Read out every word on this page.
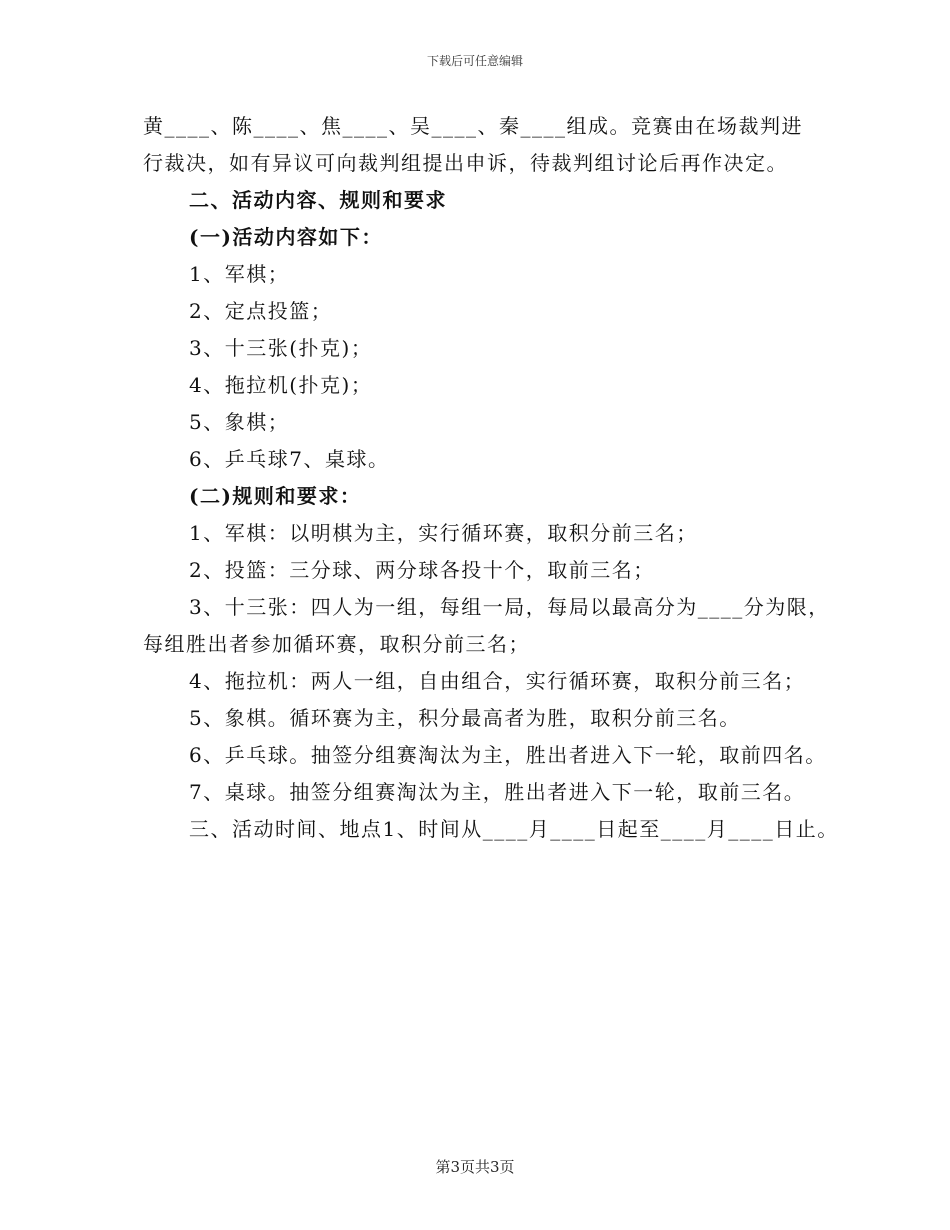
下载后可任意编辑
黄____、陈____、焦____、吴____、秦____组成。竞赛由在场裁判进
行裁决，如有异议可向裁判组提出申诉，待裁判组讨论后再作决定。
二、活动内容、规则和要求
(一)活动内容如下：
1、军棋；
2、定点投篮；
3、十三张(扑克)；
4、拖拉机(扑克)；
5、象棋；
6、乒乓球7、桌球。
(二)规则和要求：
1、军棋：以明棋为主，实行循环赛，取积分前三名；
2、投篮：三分球、两分球各投十个，取前三名；
3、十三张：四人为一组，每组一局，每局以最高分为____分为限，
每组胜出者参加循环赛，取积分前三名；
4、拖拉机：两人一组，自由组合，实行循环赛，取积分前三名；
5、象棋。循环赛为主，积分最高者为胜，取积分前三名。
6、乒乓球。抽签分组赛淘汰为主，胜出者进入下一轮，取前四名。
7、桌球。抽签分组赛淘汰为主，胜出者进入下一轮，取前三名。
三、活动时间、地点1、时间从____月____日起至____月____日止。
第3页共3页
